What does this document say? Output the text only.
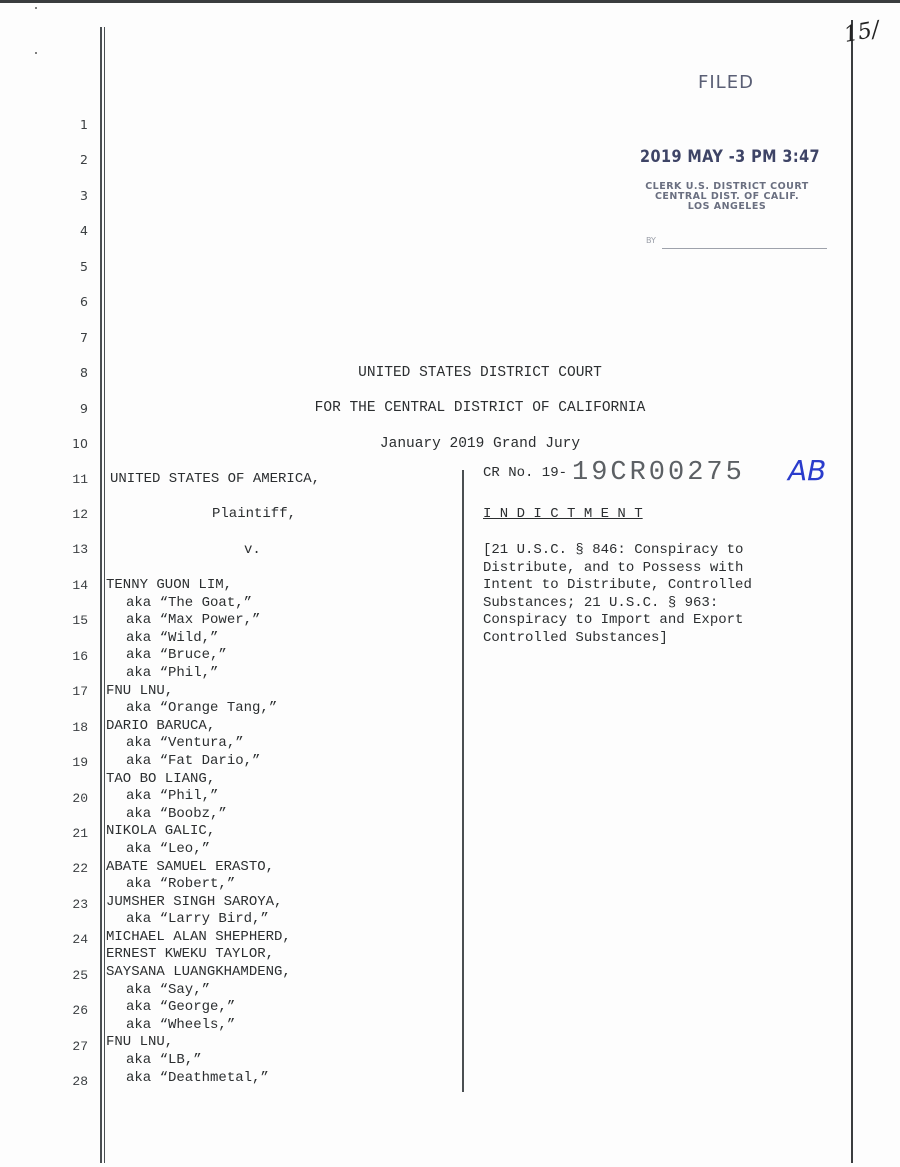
15/
FILED
2019 MAY -3 PM 3:47
CLERK U.S. DISTRICT COURT
CENTRAL DIST. OF CALIF.
LOS ANGELES
BY
1
2
3
4
5
6
7
8
9
10
11
12
13
14
15
16
17
18
19
20
21
22
23
24
25
26
27
28
UNITED STATES DISTRICT COURT
FOR THE CENTRAL DISTRICT OF CALIFORNIA
January 2019 Grand Jury
UNITED STATES OF AMERICA,
Plaintiff,
v.
TENNY GUON LIM,
aka “The Goat,”
aka “Max Power,”
aka “Wild,”
aka “Bruce,”
aka “Phil,”
FNU LNU,
aka “Orange Tang,”
DARIO BARUCA,
aka “Ventura,”
aka “Fat Dario,”
TAO BO LIANG,
aka “Phil,”
aka “Boobz,”
NIKOLA GALIC,
aka “Leo,”
ABATE SAMUEL ERASTO,
aka “Robert,”
JUMSHER SINGH SAROYA,
aka “Larry Bird,”
MICHAEL ALAN SHEPHERD,
ERNEST KWEKU TAYLOR,
SAYSANA LUANGKHAMDENG,
aka “Say,”
aka “George,”
aka “Wheels,”
FNU LNU,
aka “LB,”
aka “Deathmetal,”
CR No. 19- 19CR00275 AB
I N D I C T M E N T
[21 U.S.C. § 846: Conspiracy to
Distribute, and to Possess with
Intent to Distribute, Controlled
Substances; 21 U.S.C. § 963:
Conspiracy to Import and Export
Controlled Substances]
